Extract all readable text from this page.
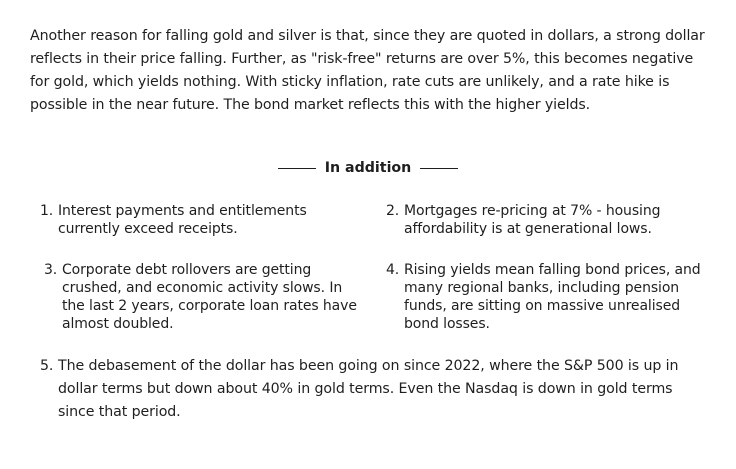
Another reason for falling gold and silver is that, since they are quoted in dollars, a strong dollar reflects in their price falling. Further, as "risk-free" returns are over 5%, this becomes negative for gold, which yields nothing. With sticky inflation, rate cuts are unlikely, and a rate hike is possible in the near future. The bond market reflects this with the higher yields.

In addition
1. Interest payments and entitlements currently exceed receipts.
2. Mortgages re-pricing at 7% - housing affordability is at generational lows.
3. Corporate debt rollovers are getting crushed, and economic activity slows. In the last 2 years, corporate loan rates have almost doubled.
4. Rising yields mean falling bond prices, and many regional banks, including pension funds, are sitting on massive unrealised bond losses.
5. The debasement of the dollar has been going on since 2022, where the S&P 500 is up in dollar terms but down about 40% in gold terms. Even the Nasdaq is down in gold terms since that period.
